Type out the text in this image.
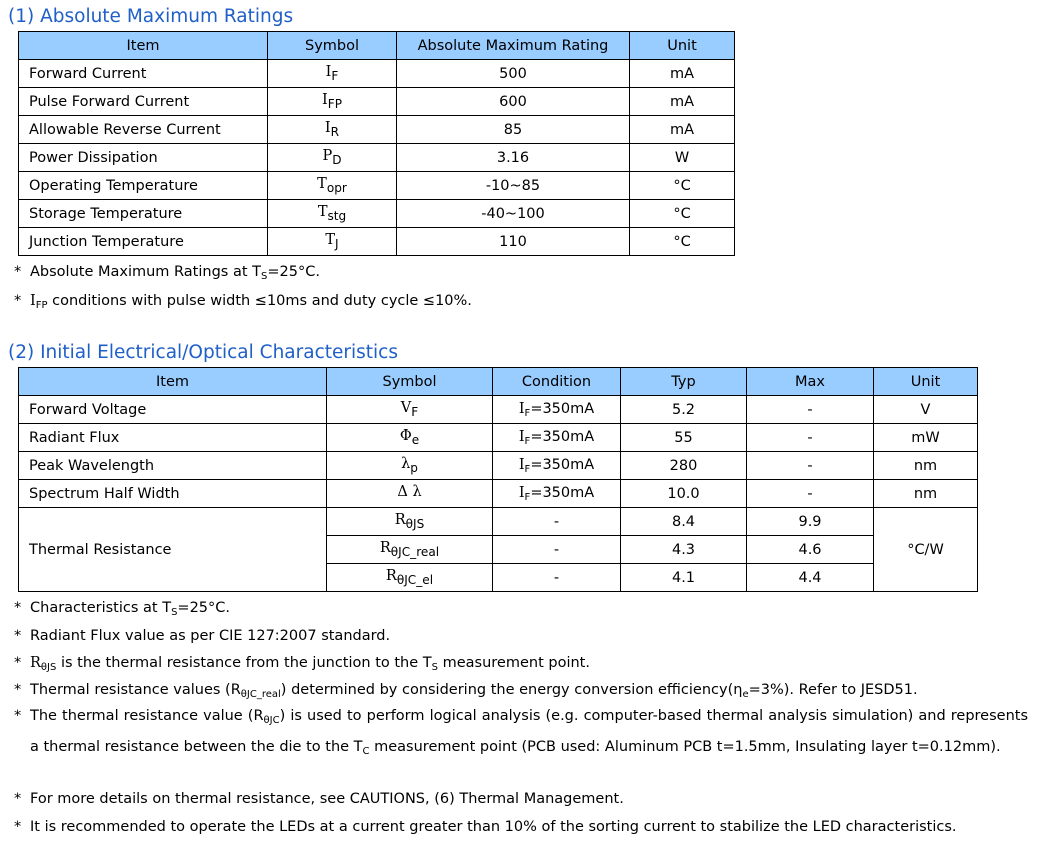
(1) Absolute Maximum Ratings
Item	Symbol	Absolute Maximum Rating	Unit
Forward Current	$I_F$	500	mA
Pulse Forward Current	$I_{FP}$	600	mA
Allowable Reverse Current	$I_R$	85	mA
Power Dissipation	$P_D$	3.16	W
Operating Temperature	$T_{opr}$	-10~85	°C
Storage Temperature	$T_{stg}$	-40~100	°C
Junction Temperature	$T_J$	110	°C
* Absolute Maximum Ratings at $T_S=25^\circ C$.
* $I_{FP}$ conditions with pulse width ≤10ms and duty cycle ≤10%.
(2) Initial Electrical/Optical Characteristics
Item	Symbol	Condition	Typ	Max	Unit
Forward Voltage	$V_F$	$I_F=350mA$	5.2	-	V
Radiant Flux	$\Phi_e$	$I_F=350mA$	55	-	mW
Peak Wavelength	$\lambda_p$	$I_F=350mA$	280	-	nm
Spectrum Half Width	Δ λ	$I_F=350mA$	10.0	-	nm
Thermal Resistance	$R_{\theta JS}$	-	8.4	9.9	°C/W
	$R_{\theta JC\_real}$	-	4.3	4.6	
	$R_{\theta JC\_el}$	-	4.1	4.4	
* Characteristics at $T_S=25^\circ C$.
* Radiant Flux value as per CIE 127:2007 standard.
* $R_{\theta JS}$ is the thermal resistance from the junction to the $T_S$ measurement point.
* Thermal resistance values $(R_{\theta JC\_real})$ determined by considering the energy conversion $efficiency(\eta_e=3\%)$. Refer to JESD51.
* The thermal resistance value $(R_{\theta JC})$ is used to perform logical analysis (e.g. computer-based thermal analysis simulation) and represents a thermal resistance between the die to the $T_C$ measurement point (PCB used: Aluminum PCB t=1.5mm, Insulating layer t=0.12mm).
* For more details on thermal resistance, see CAUTIONS, (6) Thermal Management.
* It is recommended to operate the LEDs at a current greater than 10% of the sorting current to stabilize the LED characteristics.
